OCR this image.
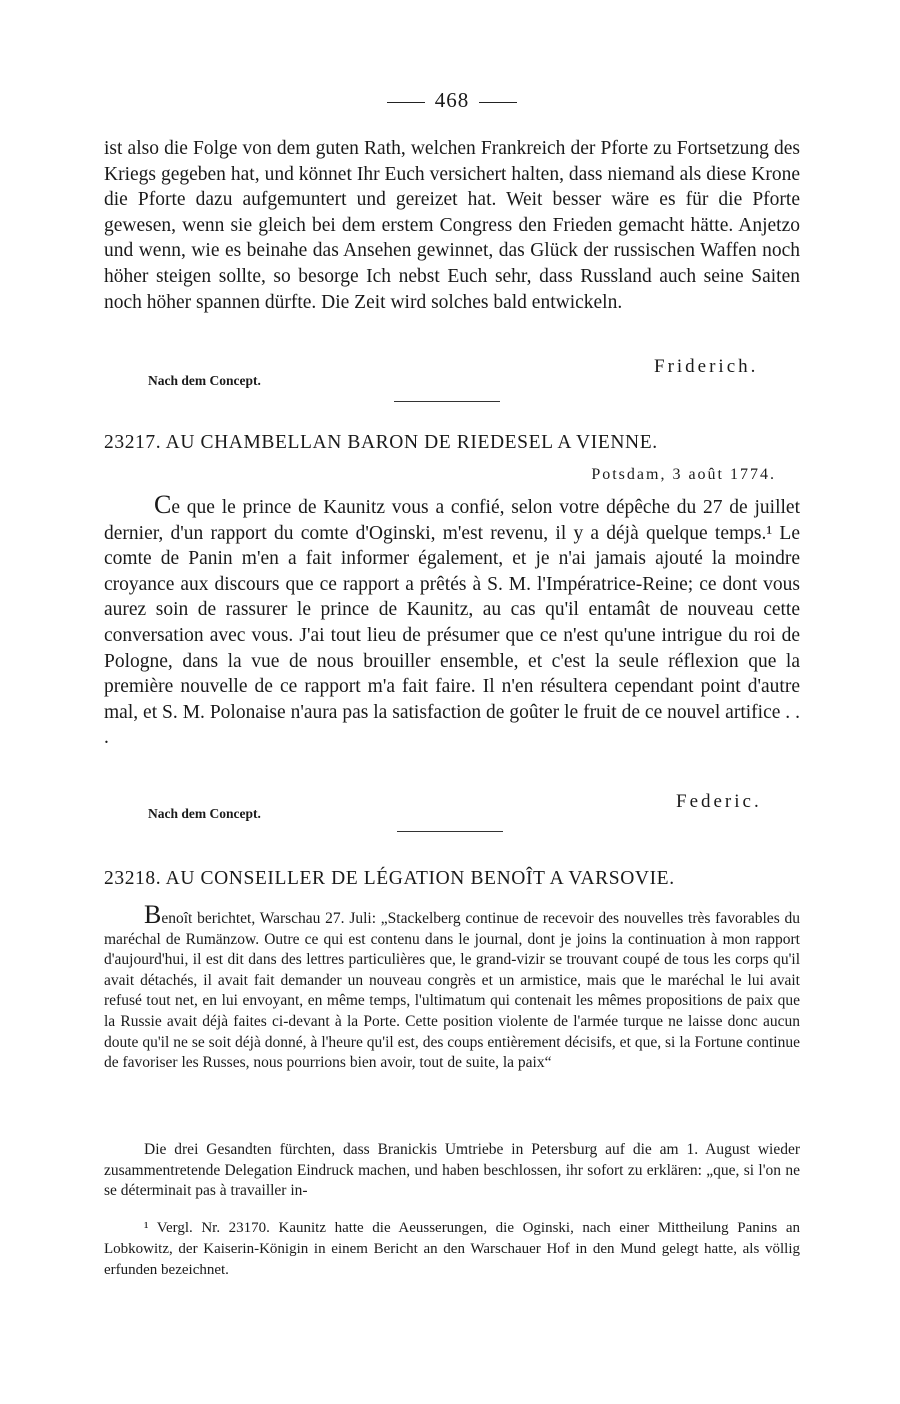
468
ist also die Folge von dem guten Rath, welchen Frankreich der Pforte zu Fortsetzung des Kriegs gegeben hat, und könnet Ihr Euch versichert halten, dass niemand als diese Krone die Pforte dazu aufgemuntert und gereizet hat. Weit besser wäre es für die Pforte gewesen, wenn sie gleich bei dem erstem Congress den Frieden gemacht hätte. Anjetzo und wenn, wie es beinahe das Ansehen gewinnet, das Glück der russischen Waffen noch höher steigen sollte, so besorge Ich nebst Euch sehr, dass Russland auch seine Saiten noch höher spannen dürfte. Die Zeit wird solches bald entwickeln.
Friderich.
Nach dem Concept.
23217. AU CHAMBELLAN BARON DE RIEDESEL A VIENNE.
Potsdam, 3 août 1774.
Ce que le prince de Kaunitz vous a confié, selon votre dépêche du 27 de juillet dernier, d'un rapport du comte d'Oginski, m'est revenu, il y a déjà quelque temps.¹ Le comte de Panin m'en a fait informer également, et je n'ai jamais ajouté la moindre croyance aux discours que ce rapport a prêtés à S. M. l'Impératrice-Reine; ce dont vous aurez soin de rassurer le prince de Kaunitz, au cas qu'il entamât de nouveau cette conversation avec vous. J'ai tout lieu de présumer que ce n'est qu'une intrigue du roi de Pologne, dans la vue de nous brouiller ensemble, et c'est la seule réflexion que la première nouvelle de ce rapport m'a fait faire. Il n'en résultera cependant point d'autre mal, et S. M. Polonaise n'aura pas la satisfaction de goûter le fruit de ce nouvel artifice . . .
Federic.
Nach dem Concept.
23218. AU CONSEILLER DE LÉGATION BENOÎT A VARSOVIE.
Benoît berichtet, Warschau 27. Juli: „Stackelberg continue de recevoir des nouvelles très favorables du maréchal de Rumänzow. Outre ce qui est contenu dans le journal, dont je joins la continuation à mon rapport d'aujourd'hui, il est dit dans des lettres particulières que, le grand-vizir se trouvant coupé de tous les corps qu'il avait détachés, il avait fait demander un nouveau congrès et un armistice, mais que le maréchal le lui avait refusé tout net, en lui envoyant, en même temps, l'ultimatum qui contenait les mêmes propositions de paix que la Russie avait déjà faites ci-devant à la Porte. Cette position violente de l'armée turque ne laisse donc aucun doute qu'il ne se soit déjà donné, à l'heure qu'il est, des coups entièrement décisifs, et que, si la Fortune continue de favoriser les Russes, nous pourrions bien avoir, tout de suite, la paix“
Die drei Gesandten fürchten, dass Branickis Umtriebe in Petersburg auf die am 1. August wieder zusammentretende Delegation Eindruck machen, und haben beschlossen, ihr sofort zu erklären: „que, si l'on ne se déterminait pas à travailler in-
¹ Vergl. Nr. 23170. Kaunitz hatte die Aeusserungen, die Oginski, nach einer Mittheilung Panins an Lobkowitz, der Kaiserin-Königin in einem Bericht an den Warschauer Hof in den Mund gelegt hatte, als völlig erfunden bezeichnet.
